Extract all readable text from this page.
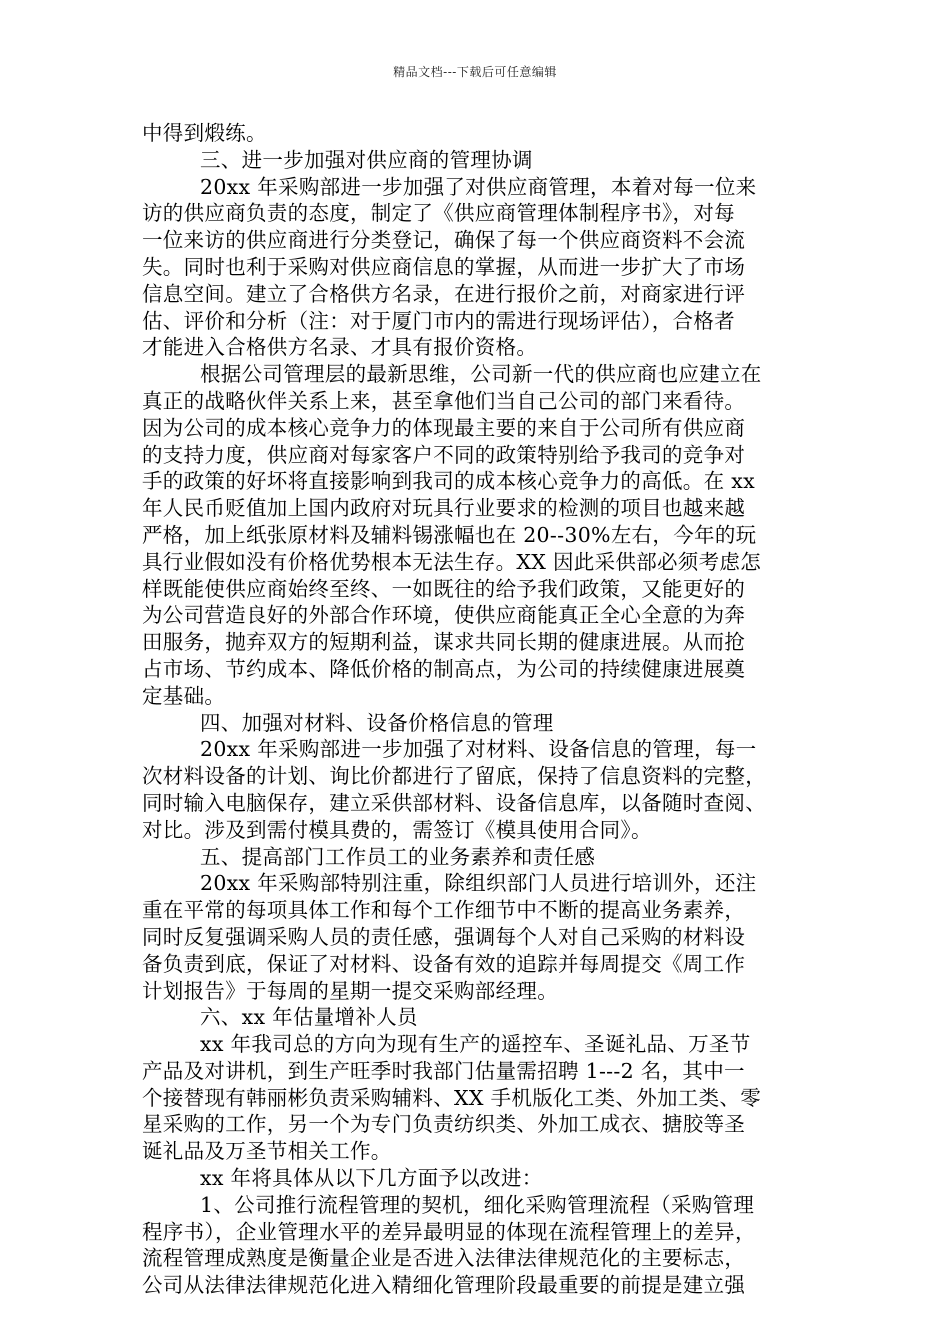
精品文档---下载后可任意编辑
中得到煅练。
三、进一步加强对供应商的管理协调
20xx 年采购部进一步加强了对供应商管理，本着对每一位来
访的供应商负责的态度，制定了《供应商管理体制程序书》，对每
一位来访的供应商进行分类登记，确保了每一个供应商资料不会流
失。同时也利于采购对供应商信息的掌握，从而进一步扩大了市场
信息空间。建立了合格供方名录，在进行报价之前，对商家进行评
估、评价和分析（注：对于厦门市内的需进行现场评估），合格者
才能进入合格供方名录、才具有报价资格。
根据公司管理层的最新思维，公司新一代的供应商也应建立在
真正的战略伙伴关系上来，甚至拿他们当自己公司的部门来看待。
因为公司的成本核心竞争力的体现最主要的来自于公司所有供应商
的支持力度，供应商对每家客户不同的政策特别给予我司的竞争对
手的政策的好坏将直接影响到我司的成本核心竞争力的高低。在 xx
年人民币贬值加上国内政府对玩具行业要求的检测的项目也越来越
严格，加上纸张原材料及辅料锡涨幅也在 20--30%左右，今年的玩
具行业假如没有价格优势根本无法生存。XX 因此采供部必须考虑怎
样既能使供应商始终至终、一如既往的给予我们政策，又能更好的
为公司营造良好的外部合作环境，使供应商能真正全心全意的为奔
田服务，抛弃双方的短期利益，谋求共同长期的健康进展。从而抢
占市场、节约成本、降低价格的制高点，为公司的持续健康进展奠
定基础。
四、加强对材料、设备价格信息的管理
20xx 年采购部进一步加强了对材料、设备信息的管理，每一
次材料设备的计划、询比价都进行了留底，保持了信息资料的完整，
同时输入电脑保存，建立采供部材料、设备信息库，以备随时查阅、
对比。涉及到需付模具费的，需签订《模具使用合同》。
五、提高部门工作员工的业务素养和责任感
20xx 年采购部特别注重，除组织部门人员进行培训外，还注
重在平常的每项具体工作和每个工作细节中不断的提高业务素养，
同时反复强调采购人员的责任感，强调每个人对自己采购的材料设
备负责到底，保证了对材料、设备有效的追踪并每周提交《周工作
计划报告》于每周的星期一提交采购部经理。
六、xx 年估量增补人员
xx 年我司总的方向为现有生产的遥控车、圣诞礼品、万圣节
产品及对讲机，到生产旺季时我部门估量需招聘 1---2 名，其中一
个接替现有韩丽彬负责采购辅料、XX 手机版化工类、外加工类、零
星采购的工作，另一个为专门负责纺织类、外加工成衣、搪胶等圣
诞礼品及万圣节相关工作。
xx 年将具体从以下几方面予以改进：
1、公司推行流程管理的契机，细化采购管理流程（采购管理
程序书），企业管理水平的差异最明显的体现在流程管理上的差异，
流程管理成熟度是衡量企业是否进入法律法律规范化的主要标志，
公司从法律法律规范化进入精细化管理阶段最重要的前提是建立强
